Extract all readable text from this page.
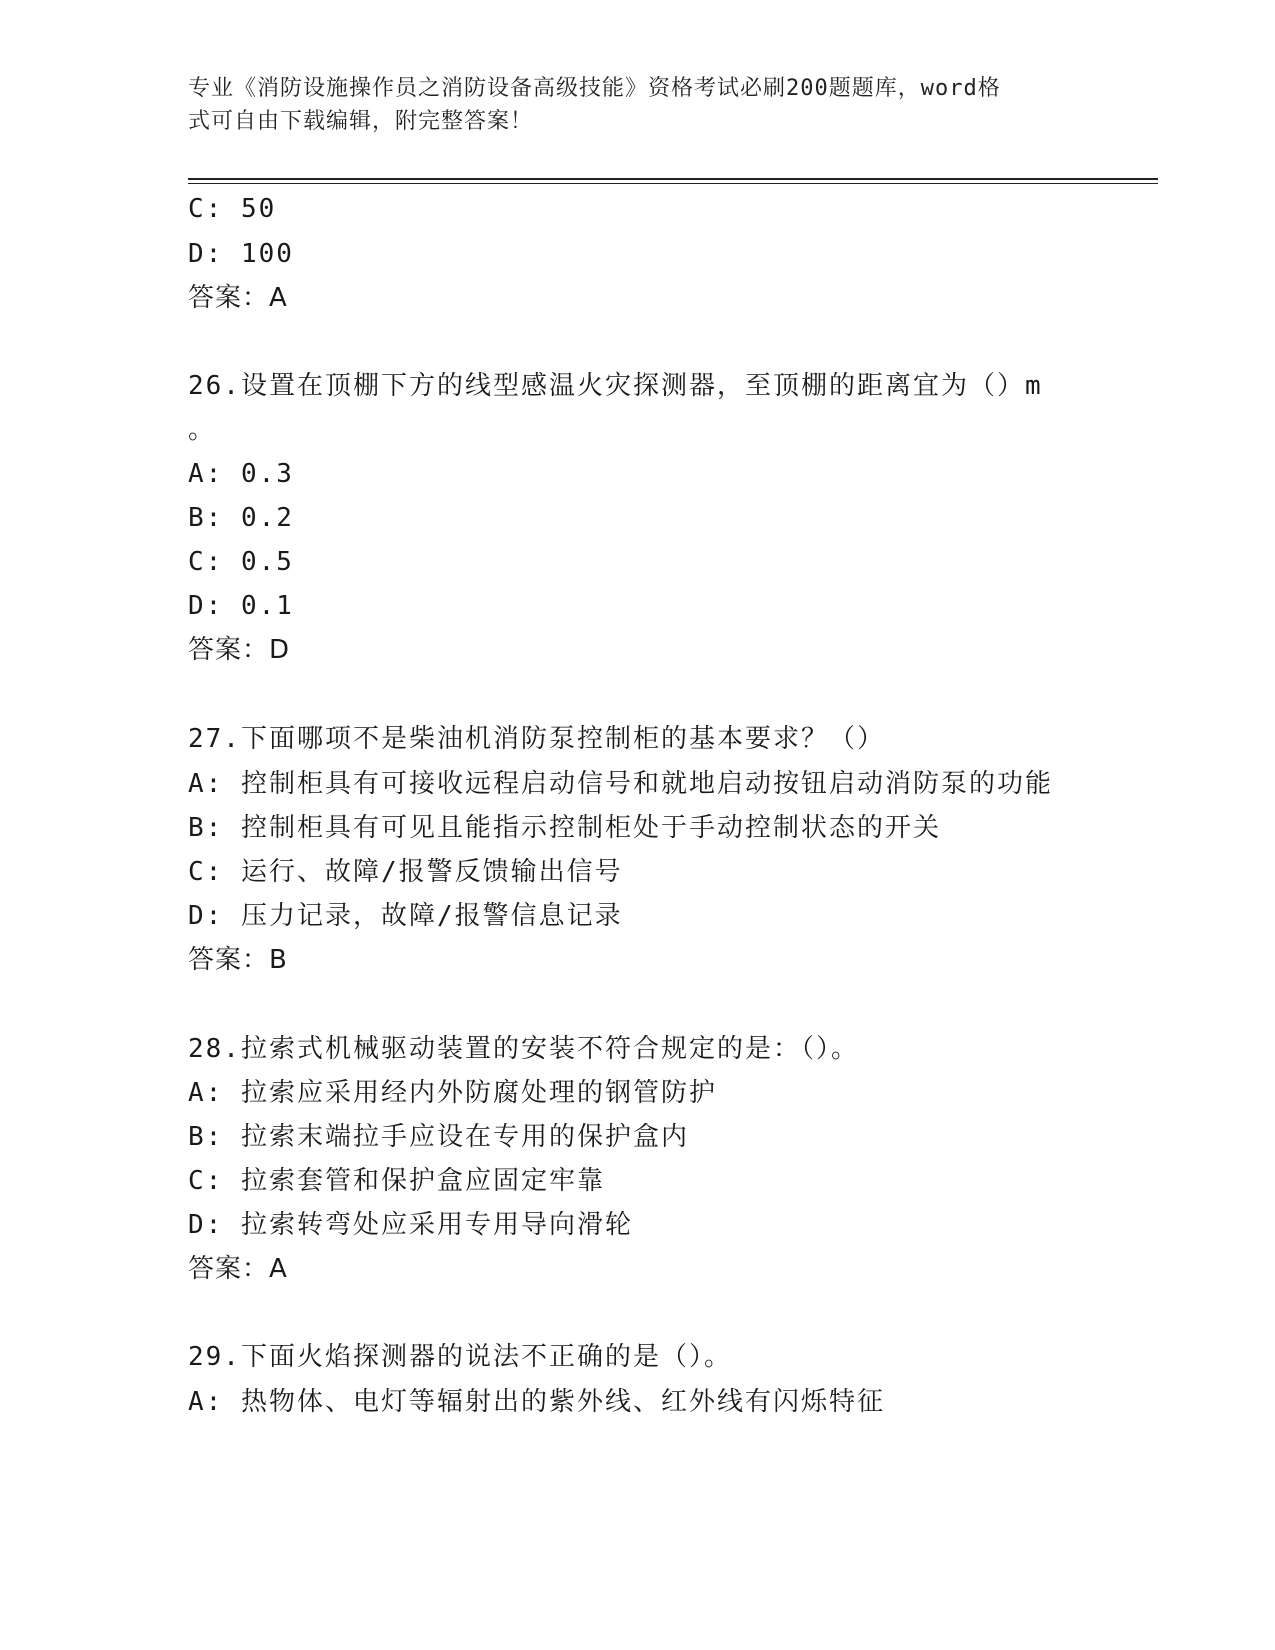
专业《消防设施操作员之消防设备高级技能》资格考试必刷200题题库，word格
式可自由下载编辑，附完整答案！
C: 50
D: 100
答案：A
26.设置在顶棚下方的线型感温火灾探测器，至顶棚的距离宜为（）m
。
A: 0.3
B: 0.2
C: 0.5
D: 0.1
答案：D
27.下面哪项不是柴油机消防泵控制柜的基本要求？（）
A: 控制柜具有可接收远程启动信号和就地启动按钮启动消防泵的功能
B: 控制柜具有可见且能指示控制柜处于手动控制状态的开关
C: 运行、故障/报警反馈输出信号
D: 压力记录，故障/报警信息记录
答案：B
28.拉索式机械驱动装置的安装不符合规定的是：（）。
A: 拉索应采用经内外防腐处理的钢管防护
B: 拉索末端拉手应设在专用的保护盒内
C: 拉索套管和保护盒应固定牢靠
D: 拉索转弯处应采用专用导向滑轮
答案：A
29.下面火焰探测器的说法不正确的是（）。
A: 热物体、电灯等辐射出的紫外线、红外线有闪烁特征
